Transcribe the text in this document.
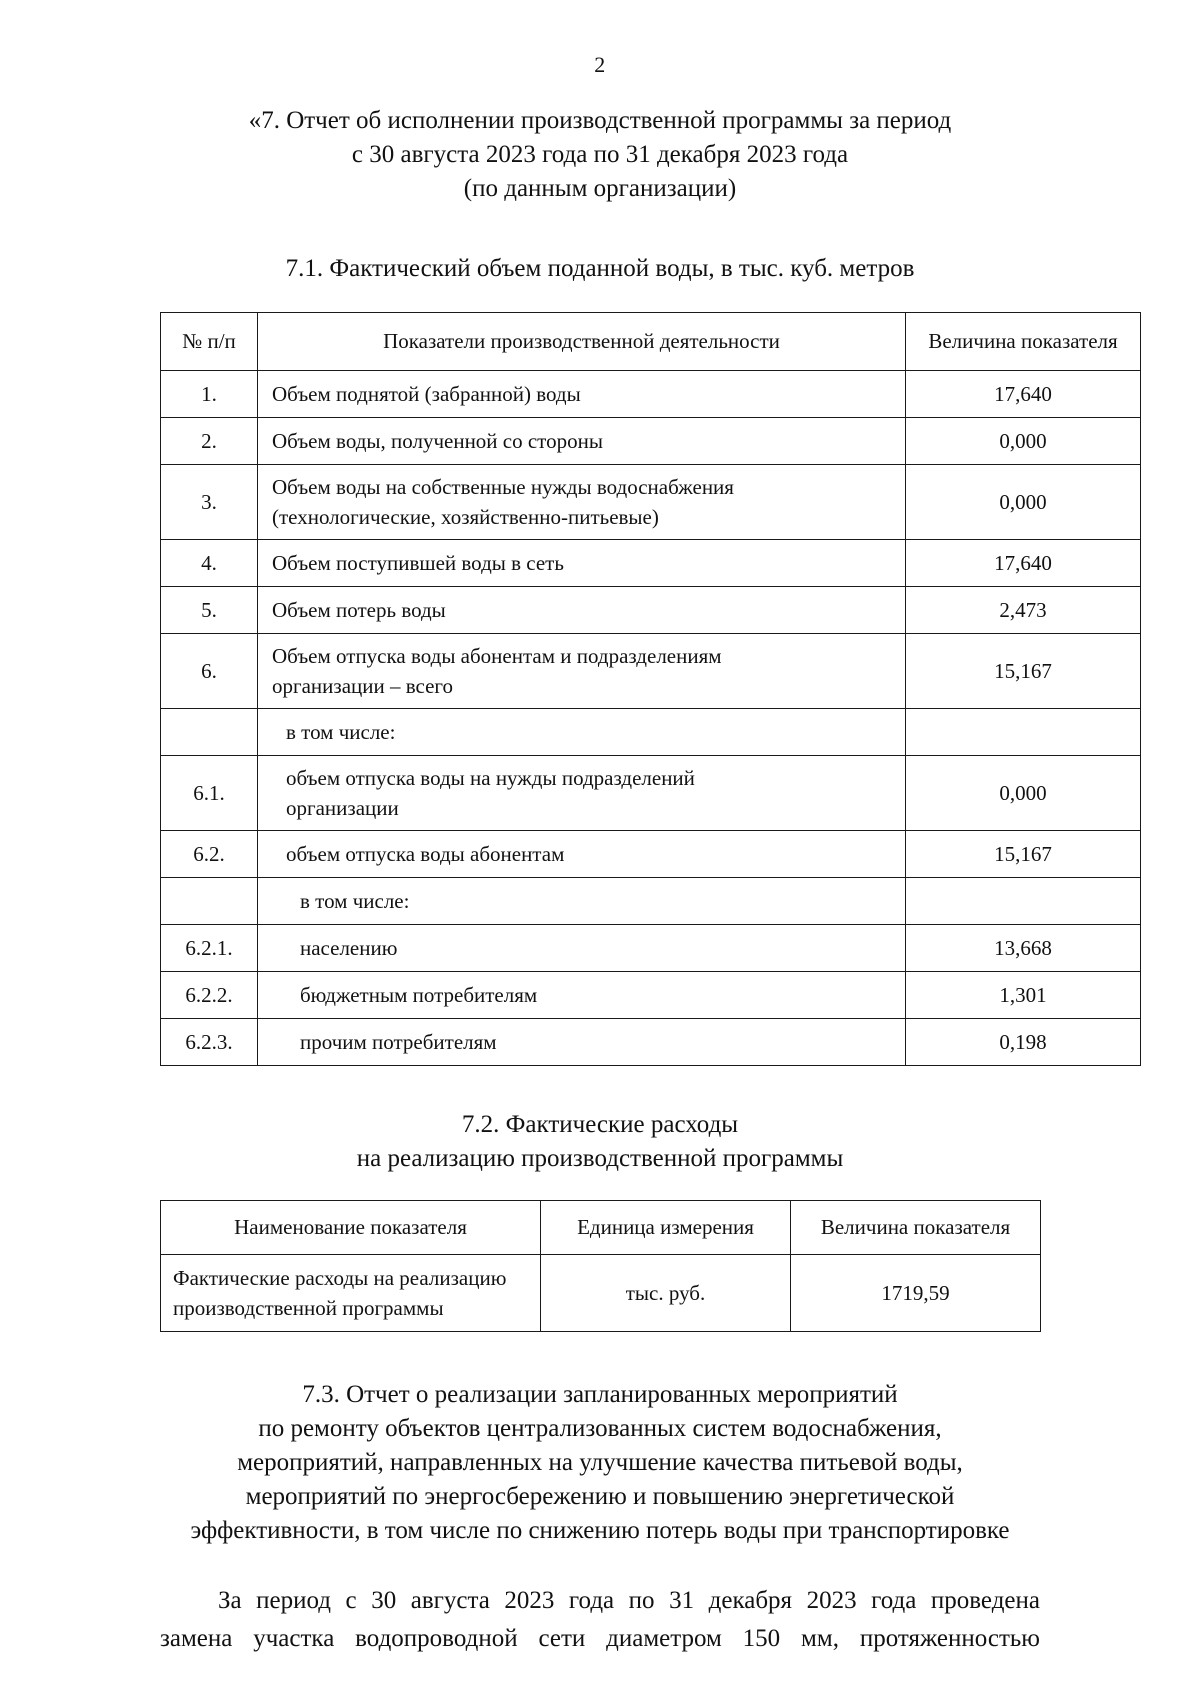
2
«7. Отчет об исполнении производственной программы за период
с 30 августа 2023 года по 31 декабря 2023 года
(по данным организации)
7.1. Фактический объем поданной воды, в тыс. куб. метров
№ п/п	Показатели производственной деятельности	Величина показателя
1.	Объем поднятой (забранной) воды	17,640
2.	Объем воды, полученной со стороны	0,000
3.	Объем воды на собственные нужды водоснабжения
(технологические, хозяйственно-питьевые)	0,000
4.	Объем поступившей воды в сеть	17,640
5.	Объем потерь воды	2,473
6.	Объем отпуска воды абонентам и подразделениям
организации – всего	15,167
	в том числе:	
6.1.	объем отпуска воды на нужды подразделений
организации	0,000
6.2.	объем отпуска воды абонентам	15,167
	в том числе:	
6.2.1.	населению	13,668
6.2.2.	бюджетным потребителям	1,301
6.2.3.	прочим потребителям	0,198
7.2. Фактические расходы
на реализацию производственной программы
Наименование показателя	Единица измерения	Величина показателя
Фактические расходы на реализацию
производственной программы	тыс. руб.	1719,59
7.3. Отчет о реализации запланированных мероприятий
по ремонту объектов централизованных систем водоснабжения,
мероприятий, направленных на улучшение качества питьевой воды,
мероприятий по энергосбережению и повышению энергетической
эффективности, в том числе по снижению потерь воды при транспортировке
За период с 30 августа 2023 года по 31 декабря 2023 года проведена
замена участка водопроводной сети диаметром 150 мм, протяженностью
